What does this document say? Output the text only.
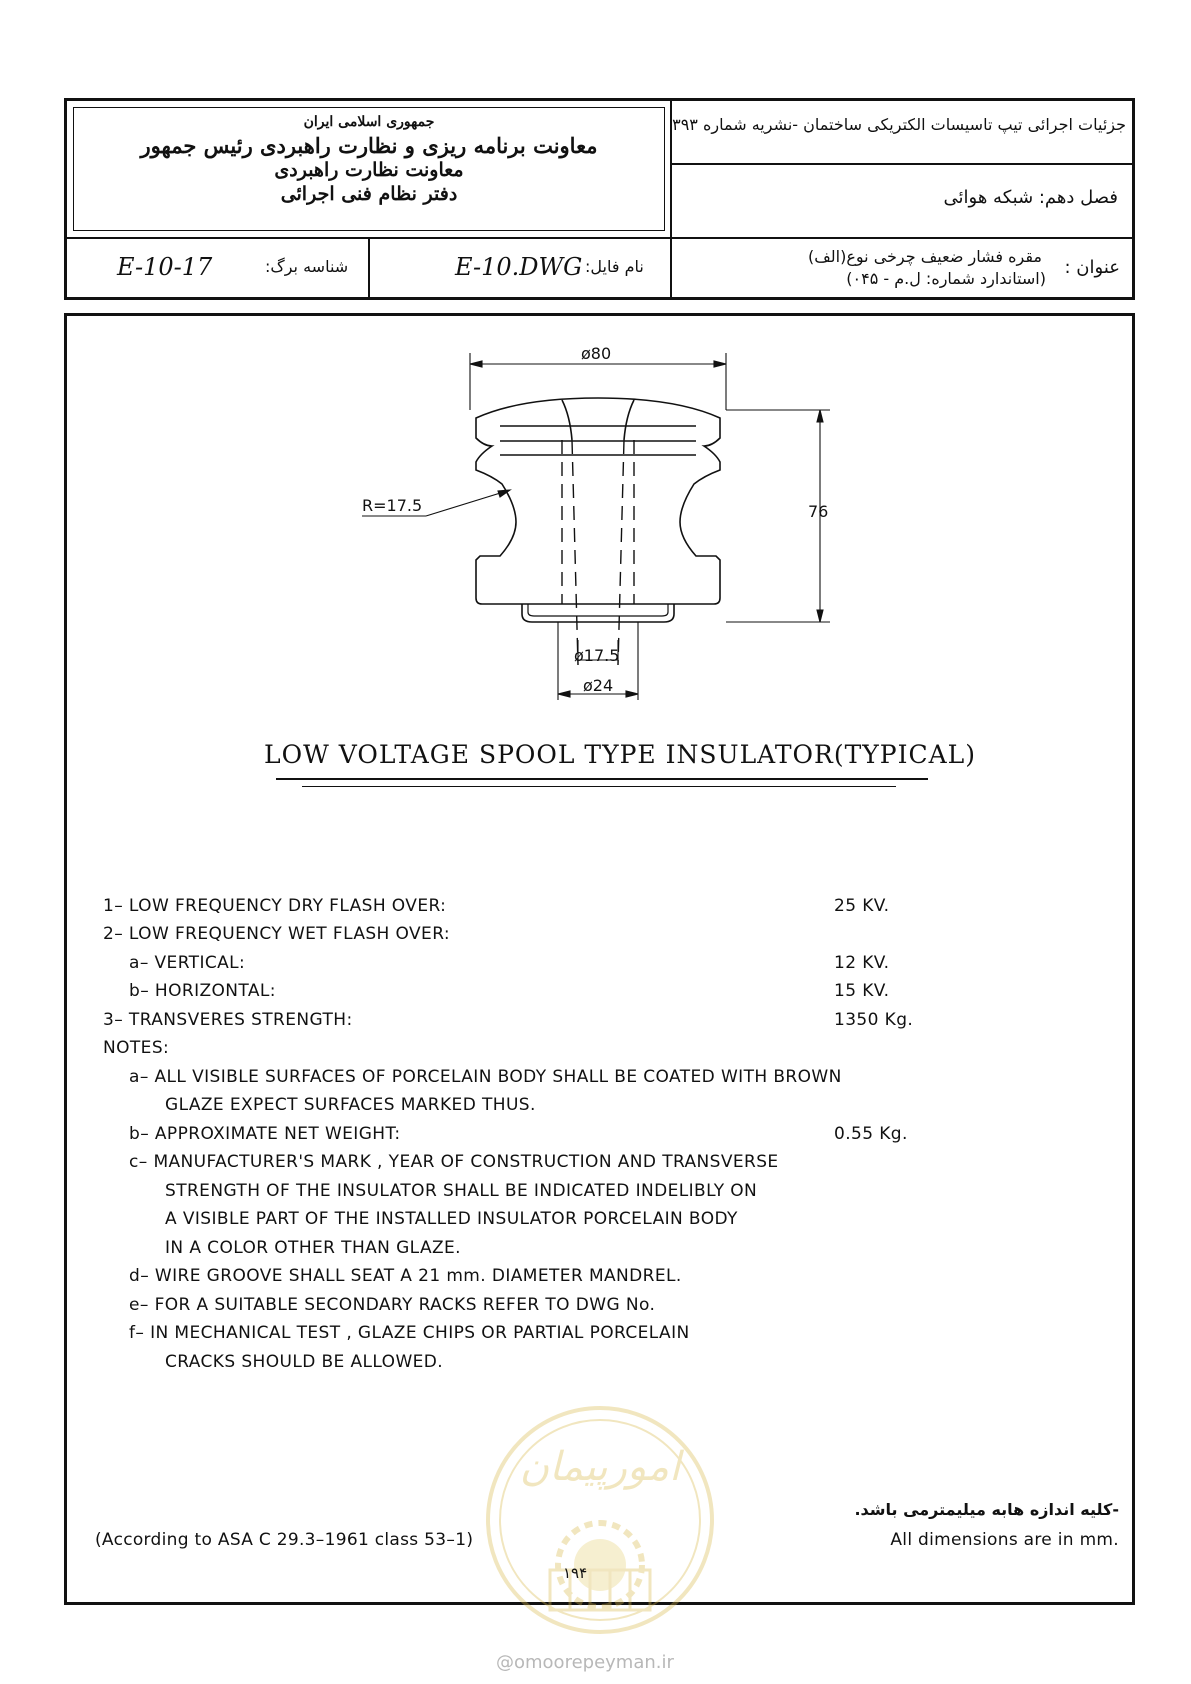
جمهوری اسلامی ایران
معاونت برنامه ریزی و نظارت راهبردی رئیس جمهور
معاونت نظارت راهبردی
دفتر نظام فنی اجرائی
جزئیات اجرائی تیپ تاسیسات الکتریکی ساختمان -نشریه شماره ۳۹۳
فصل دهم: شبکه هوائی
E-10-17	شناسه برگ:	E-10.DWG نام فایل:
مقره فشار ضعیف چرخی نوع(الف)
(استاندارد شماره: ل.م - ۰۴۵)
عنوان :
ø80
R=17.5	76
ø17.5
ø24
LOW VOLTAGE SPOOL TYPE INSULATOR(TYPICAL)
1– LOW FREQUENCY DRY FLASH OVER:	25 KV.
2– LOW FREQUENCY WET FLASH OVER:
a– VERTICAL:	12 KV.
b– HORIZONTAL:	15 KV.
3– TRANSVERES STRENGTH:	1350 Kg.
NOTES:
a– ALL VISIBLE SURFACES OF PORCELAIN BODY SHALL BE COATED WITH BROWN
GLAZE EXPECT SURFACES MARKED THUS.
b– APPROXIMATE NET WEIGHT:	0.55 Kg.
c– MANUFACTURER'S MARK , YEAR OF CONSTRUCTION AND TRANSVERSE
STRENGTH OF THE INSULATOR SHALL BE INDICATED INDELIBLY ON
A VISIBLE PART OF THE INSTALLED INSULATOR PORCELAIN BODY
IN A COLOR OTHER THAN GLAZE.
d– WIRE GROOVE SHALL SEAT A 21 mm. DIAMETER MANDREL.
e– FOR A SUITABLE SECONDARY RACKS REFER TO DWG No.
f– IN MECHANICAL TEST , GLAZE CHIPS OR PARTIAL PORCELAIN
CRACKS SHOULD BE ALLOWED.
امورپیمان
(According to ASA C 29.3–1961 class 53–1)
-کلیه اندازه هابه میلیمترمی باشد.
All dimensions are in mm.
۱۹۴
@omoorepeyman.ir
